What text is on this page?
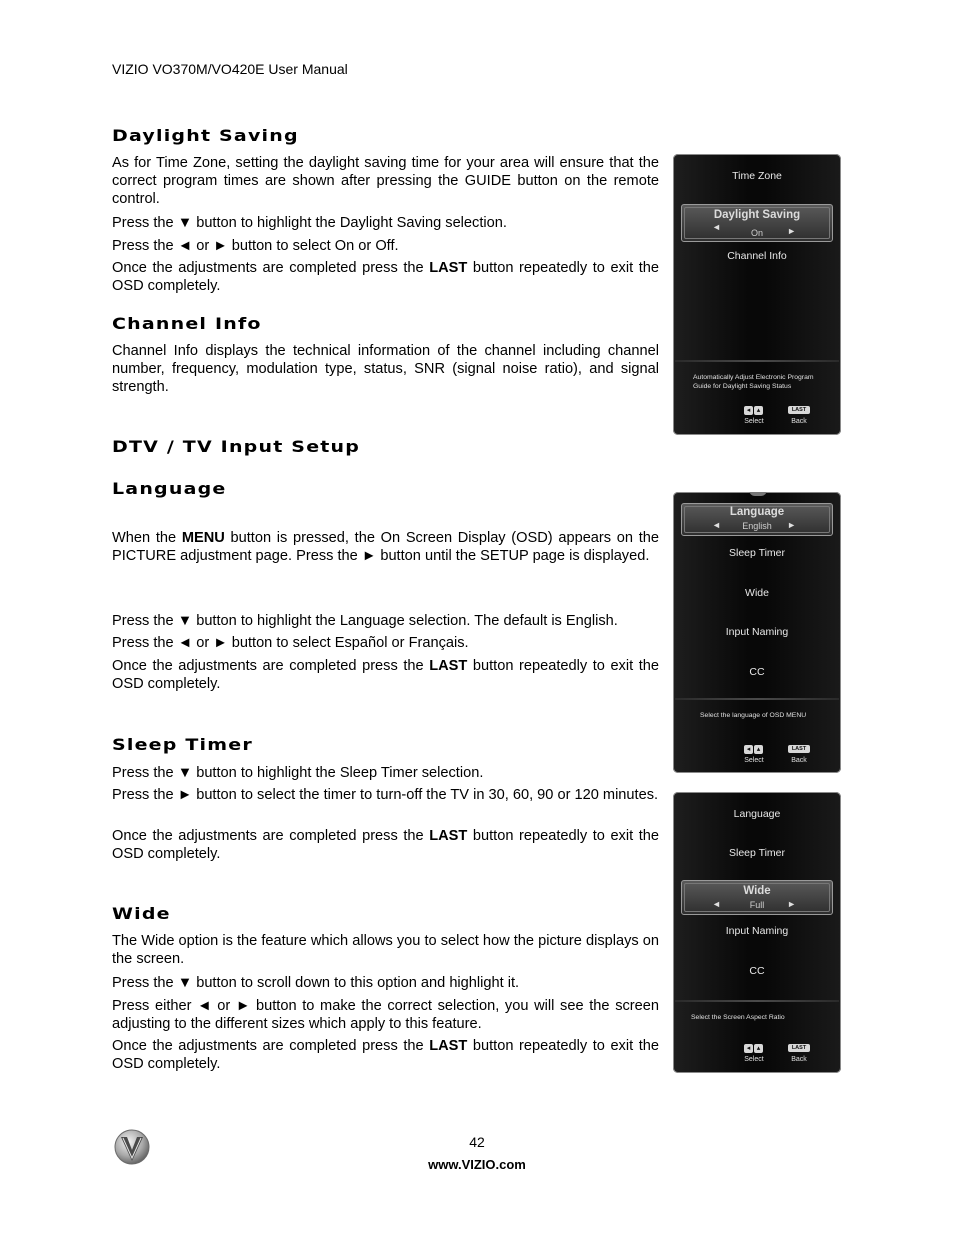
VIZIO VO370M/VO420E User Manual
Daylight Saving
As for Time Zone, setting the daylight saving time for your area will ensure that the correct program times are shown after pressing the GUIDE button on the remote control.
Press the ▼ button to highlight the Daylight Saving selection.
Press the ◄ or ► button to select On or Off.
Once the adjustments are completed press the LAST button repeatedly to exit the OSD completely.
Channel Info
Channel Info displays the technical information of the channel including channel number, frequency, modulation type, status, SNR (signal noise ratio), and signal strength.
DTV / TV Input Setup
Language
When the MENU button is pressed, the On Screen Display (OSD) appears on the PICTURE adjustment page. Press the ► button until the SETUP page is displayed.
Press the ▼ button to highlight the Language selection. The default is English.
Press the ◄ or ► button to select Español or Français.
Once the adjustments are completed press the LAST button repeatedly to exit the OSD completely.
Sleep Timer
Press the ▼ button to highlight the Sleep Timer selection.
Press the ► button to select the timer to turn-off the TV in 30, 60, 90 or 120 minutes.
Once the adjustments are completed press the LAST button repeatedly to exit the OSD completely.
Wide
The Wide option is the feature which allows you to select how the picture displays on the screen.
Press the ▼ button to scroll down to this option and highlight it.
Press either ◄ or ► button to make the correct selection, you will see the screen adjusting to the different sizes which apply to this feature.
Once the adjustments are completed press the LAST button repeatedly to exit the OSD completely.
Time Zone
Daylight Saving
◄
On	►
Channel Info
Automatically Adjust Electronic Program Guide for Daylight Saving Status
◂ ▴	LAST
Select	Back
Language
◄	English	►
Sleep Timer
Wide
Input Naming
CC
Select the language of OSD MENU
◂ ▴	LAST
Select	Back
Language
Sleep Timer
Wide
◄	Full	►
Input Naming
CC
Select the Screen Aspect Ratio
◂ ▴	LAST
Select	Back
42
www.VIZIO.com
